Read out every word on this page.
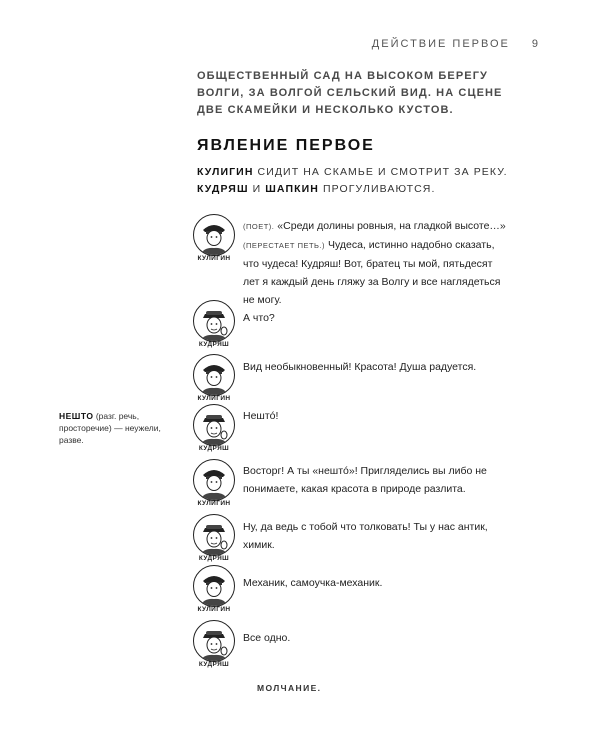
ДЕЙСТВИЕ ПЕРВОЕ 9
ОБЩЕСТВЕННЫЙ САД НА ВЫСОКОМ БЕРЕГУ ВОЛГИ, ЗА ВОЛГОЙ СЕЛЬСКИЙ ВИД. НА СЦЕНЕ ДВЕ СКАМЕЙКИ И НЕСКОЛЬКО КУСТОВ.
ЯВЛЕНИЕ ПЕРВОЕ
КУЛИГИН СИДИТ НА СКАМЬЕ И СМОТРИТ ЗА РЕКУ.
КУДРЯШ И ШАПКИН ПРОГУЛИВАЮТСЯ.
КУЛИГИН
(ПОЕТ). «Среди долины ровныя, на гладкой высоте…» (ПЕРЕСТАЕТ ПЕТЬ.) Чудеса, истинно надобно сказать, что чудеса! Кудряш! Вот, братец ты мой, пятьдесят лет я каждый день гляжу за Волгу и все наглядеться не могу.
КУДРЯШ
А что?
КУЛИГИН
Вид необыкновенный! Красота! Душа радуется.
КУДРЯШ
Нештó!
КУЛИГИН
Восторг! А ты «нештó»! Пригляделись вы либо не понимаете, какая красота в природе разлита.
КУДРЯШ
Ну, да ведь с тобой что толковать! Ты у нас антик, химик.
КУЛИГИН
Механик, самоучка-механик.
КУДРЯШ
Все одно.
НЕШТО (разг. речь, просторечие) — неужели, разве.
МОЛЧАНИЕ.
